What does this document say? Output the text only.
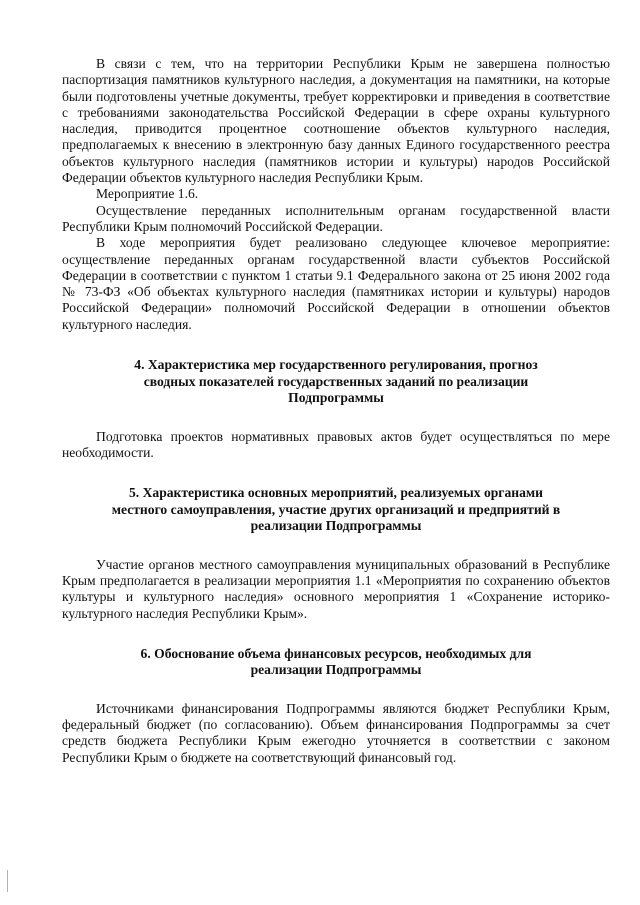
В связи с тем, что на территории Республики Крым не завершена полностью паспортизация памятников культурного наследия, а документация на памятники, на которые были подготовлены учетные документы, требует корректировки и приведения в соответствие с требованиями законодательства Российской Федерации в сфере охраны культурного наследия, приводится процентное соотношение объектов культурного наследия, предполагаемых к внесению в электронную базу данных Единого государственного реестра объектов культурного наследия (памятников истории и культуры) народов Российской Федерации объектов культурного наследия Республики Крым.

Мероприятие 1.6.

Осуществление переданных исполнительным органам государственной власти Республики Крым полномочий Российской Федерации.

В ходе мероприятия будет реализовано следующее ключевое мероприятие: осуществление переданных органам государственной власти субъектов Российской Федерации в соответствии с пунктом 1 статьи 9.1 Федерального закона от 25 июня 2002 года № 73-ФЗ «Об объектах культурного наследия (памятниках истории и культуры) народов Российской Федерации» полномочий Российской Федерации в отношении объектов культурного наследия.

4. Характеристика мер государственного регулирования, прогноз
сводных показателей государственных заданий по реализации
Подпрограммы

Подготовка проектов нормативных правовых актов будет осуществляться по мере необходимости.

5. Характеристика основных мероприятий, реализуемых органами
местного самоуправления, участие других организаций и предприятий в
реализации Подпрограммы

Участие органов местного самоуправления муниципальных образований в Республике Крым предполагается в реализации мероприятия 1.1 «Мероприятия по сохранению объектов культуры и культурного наследия» основного мероприятия 1 «Сохранение историко-культурного наследия Республики Крым».

6. Обоснование объема финансовых ресурсов, необходимых для
реализации Подпрограммы

Источниками финансирования Подпрограммы являются бюджет Республики Крым, федеральный бюджет (по согласованию). Объем финансирования Подпрограммы за счет средств бюджета Республики Крым ежегодно уточняется в соответствии с законом Республики Крым о бюджете на соответствующий финансовый год.
